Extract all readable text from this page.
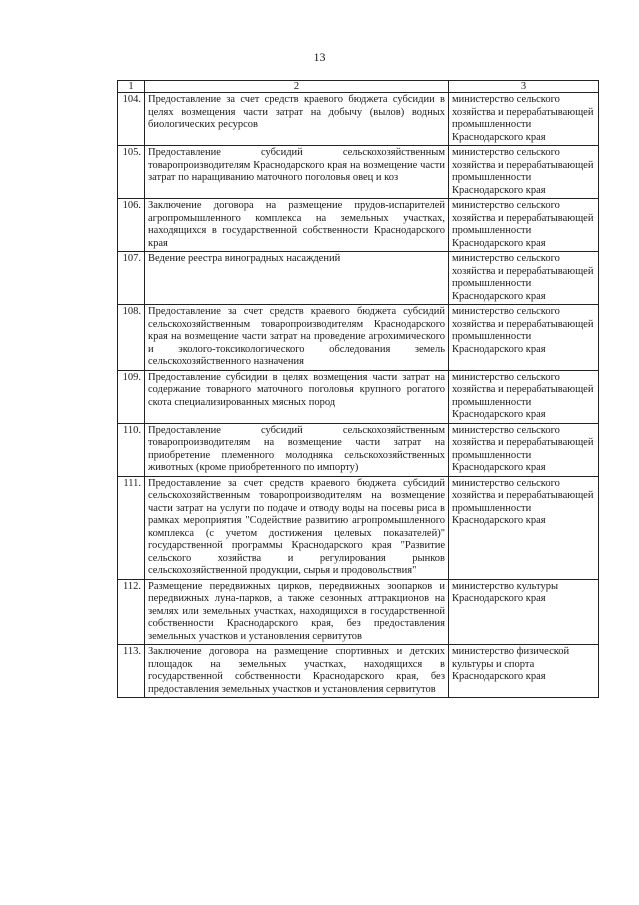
13
1	2	3
104.	Предоставление за счет средств краевого бюджета субсидии в целях возмещения части затрат на добычу (вылов) водных биологических ресурсов	министерство сельского хозяйства и перерабатывающей промышленности Краснодарского края
105.	Предоставление субсидий сельскохозяйственным товаропроизводителям Краснодарского края на возмещение части затрат по наращиванию маточного поголовья овец и коз	министерство сельского хозяйства и перерабатывающей промышленности Краснодарского края
106.	Заключение договора на размещение прудов-испарителей агропромышленного комплекса на земельных участках, находящихся в государственной собственности Краснодарского края	министерство сельского хозяйства и перерабатывающей промышленности Краснодарского края
107.	Ведение реестра виноградных насаждений	министерство сельского хозяйства и перерабатывающей промышленности Краснодарского края
108.	Предоставление за счет средств краевого бюджета субсидий сельскохозяйственным товаропроизводителям Краснодарского края на возмещение части затрат на проведение агрохимического и эколого-токсикологического обследования земель сельскохозяйственного назначения	министерство сельского хозяйства и перерабатывающей промышленности Краснодарского края
109.	Предоставление субсидии в целях возмещения части затрат на содержание товарного маточного поголовья крупного рогатого скота специализированных мясных пород	министерство сельского хозяйства и перерабатывающей промышленности Краснодарского края
110.	Предоставление субсидий сельскохозяйственным товаропроизводителям на возмещение части затрат на приобретение племенного молодняка сельскохозяйственных животных (кроме приобретенного по импорту)	министерство сельского хозяйства и перерабатывающей промышленности Краснодарского края
111.	Предоставление за счет средств краевого бюджета субсидий сельскохозяйственным товаропроизводителям на возмещение части затрат на услуги по подаче и отводу воды на посевы риса в рамках мероприятия "Содействие развитию агропромышленного комплекса (с учетом достижения целевых показателей)" государственной программы Краснодарского края "Развитие сельского хозяйства и регулирования рынков сельскохозяйственной продукции, сырья и продовольствия"	министерство сельского хозяйства и перерабатывающей промышленности Краснодарского края
112.	Размещение передвижных цирков, передвижных зоопарков и передвижных луна-парков, а также сезонных аттракционов на землях или земельных участках, находящихся в государственной собственности Краснодарского края, без предоставления земельных участков и установления сервитутов	министерство культуры Краснодарского края
113.	Заключение договора на размещение спортивных и детских площадок на земельных участках, находящихся в государственной собственности Краснодарского края, без предоставления земельных участков и установления сервитутов	министерство физической культуры и спорта Краснодарского края
